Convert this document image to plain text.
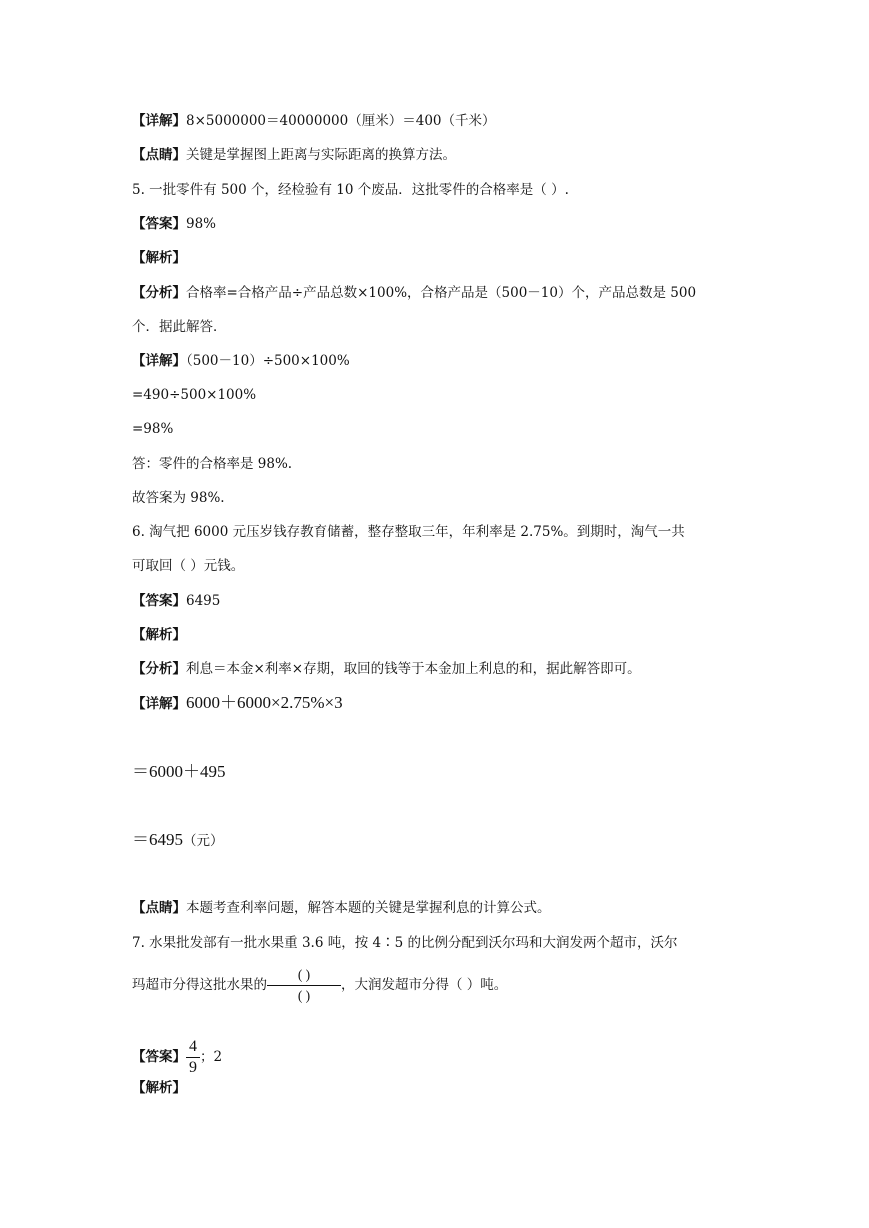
【详解】8×5000000＝40000000（厘米）＝400（千米）
【点睛】关键是掌握图上距离与实际距离的换算方法。
5. 一批零件有 500 个，经检验有 10 个废品．这批零件的合格率是（ ）.
【答案】98%
【解析】
【分析】合格率=合格产品÷产品总数×100%，合格产品是（500－10）个，产品总数是 500
个．据此解答．
【详解】（500－10）÷500×100%
=490÷500×100%
=98%
答：零件的合格率是 98%.
故答案为 98%.
6. 淘气把 6000 元压岁钱存教育储蓄，整存整取三年，年利率是 2.75%。到期时，淘气一共
可取回（ ）元钱。
【答案】6495
【解析】
【分析】利息＝本金×利率×存期，取回的钱等于本金加上利息的和，据此解答即可。
【详解】6000＋6000×2.75%×3
＝6000＋495
＝6495（元）
【点睛】本题考查利率问题，解答本题的关键是掌握利息的计算公式。
7. 水果批发部有一批水果重 3.6 吨，按 4∶5 的比例分配到沃尔玛和大润发两个超市，沃尔
玛超市分得这批水果的 $\frac{( )}{( )}$ ，大润发超市分得（ ）吨。
【答案】 $\frac{4}{9}$ ；2
【解析】
